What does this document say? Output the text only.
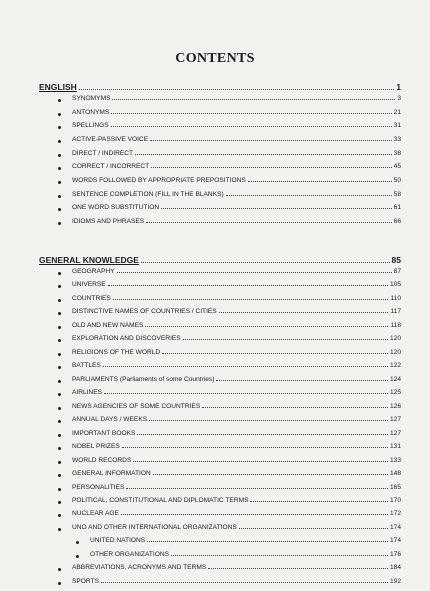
CONTENTS
ENGLISH	1
SYNOMYMS	3
ANTONYMS	21
SPELLINGS	31
ACTIVE-PASSIVE VOICE	33
DIRECT / INDIRECT	38
CORRECT / INCORRECT	45
WORDS FOLLOWED BY APPROPRIATE PREPOSITIONS	50
SENTENCE COMPLETION (FILL IN THE BLANKS)	58
ONE WORD SUBSTITUTION	61
IDIOMS AND PHRASES	66
GENERAL KNOWLEDGE	85
GEOGRAPHY	87
UNIVERSE	105
COUNTRIES	110
DISTINCTIVE NAMES OF COUNTRIES / CITIES	117
OLD AND NEW NAMES	118
EXPLORATION AND DISCOVERIES	120
RELIGIONS OF THE WORLD	120
BATTLES	122
PARLIAMENTS (Parliaments of some Countries)	124
AIRLINES	125
NEWS AGENCIES OF SOME COUNTRIES	126
ANNUAL DAYS / WEEKS	127
IMPORTANT BOOKS	127
NOBEL PRIZES	131
WORLD RECORDS	133
GENERAL INFORMATION	148
PERSONALITIES	165
POLITICAL, CONSTITUTIONAL AND DIPLOMATIC TERMS	170
NUCLEAR AGE	172
UNO AND OTHER INTERNATIONAL ORGANIZATIONS	174
UNITED NATIONS	174
OTHER ORGANIZATIONS	176
ABBREVIATIONS, ACRONYMS AND TERMS	184
SPORTS	192
